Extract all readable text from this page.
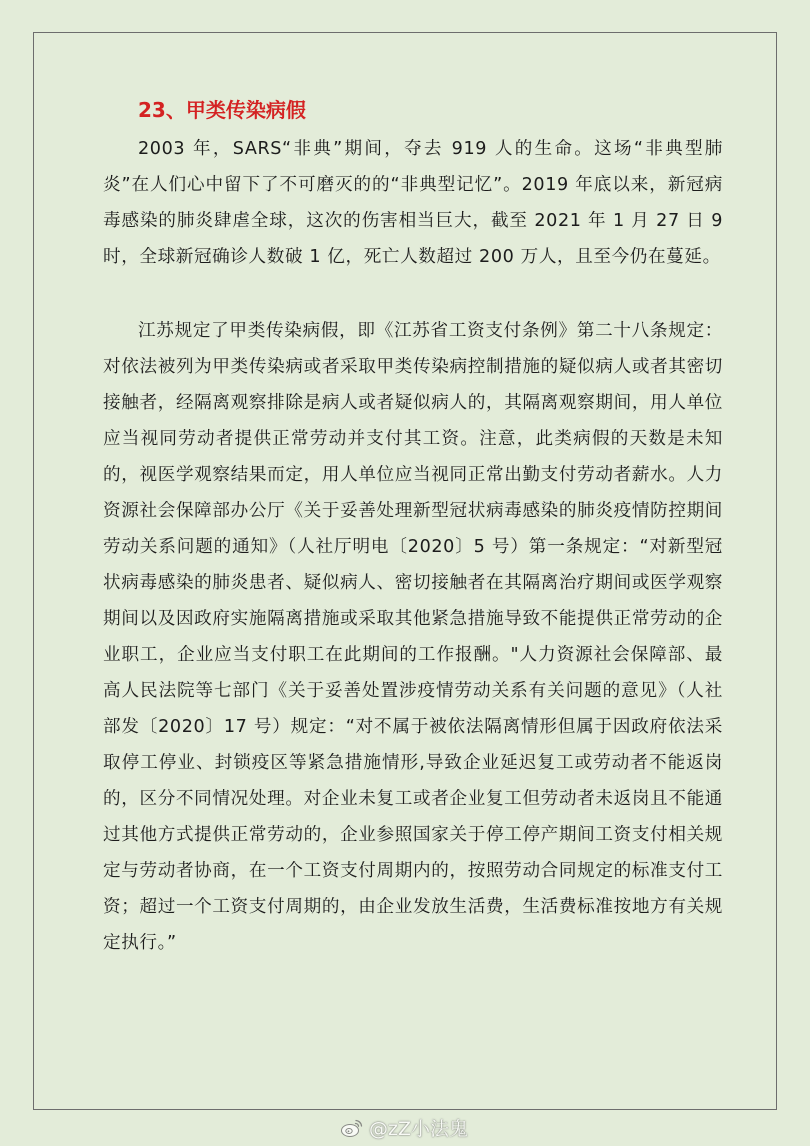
23、甲类传染病假

2003 年，SARS“非典”期间，夺去 919 人的生命。这场“非典型肺炎”在人们心中留下了不可磨灭的的“非典型记忆”。2019 年底以来，新冠病毒感染的肺炎肆虐全球，这次的伤害相当巨大，截至 2021 年 1 月 27 日 9 时，全球新冠确诊人数破 1 亿，死亡人数超过 200 万人，且至今仍在蔓延。

江苏规定了甲类传染病假，即《江苏省工资支付条例》第二十八条规定：对依法被列为甲类传染病或者采取甲类传染病控制措施的疑似病人或者其密切接触者，经隔离观察排除是病人或者疑似病人的，其隔离观察期间，用人单位应当视同劳动者提供正常劳动并支付其工资。注意，此类病假的天数是未知的，视医学观察结果而定，用人单位应当视同正常出勤支付劳动者薪水。人力资源社会保障部办公厅《关于妥善处理新型冠状病毒感染的肺炎疫情防控期间劳动关系问题的通知》（人社厅明电〔2020〕5 号）第一条规定：“对新型冠状病毒感染的肺炎患者、疑似病人、密切接触者在其隔离治疗期间或医学观察期间以及因政府实施隔离措施或采取其他紧急措施导致不能提供正常劳动的企业职工，企业应当支付职工在此期间的工作报酬。"人力资源社会保障部、最高人民法院等七部门《关于妥善处置涉疫情劳动关系有关问题的意见》（人社部发〔2020〕17 号）规定：“对不属于被依法隔离情形但属于因政府依法采取停工停业、封锁疫区等紧急措施情形,导致企业延迟复工或劳动者不能返岗的，区分不同情况处理。对企业未复工或者企业复工但劳动者未返岗且不能通过其他方式提供正常劳动的，企业参照国家关于停工停产期间工资支付相关规定与劳动者协商，在一个工资支付周期内的，按照劳动合同规定的标准支付工资；超过一个工资支付周期的，由企业发放生活费，生活费标准按地方有关规定执行。”

@zZ小法鬼
